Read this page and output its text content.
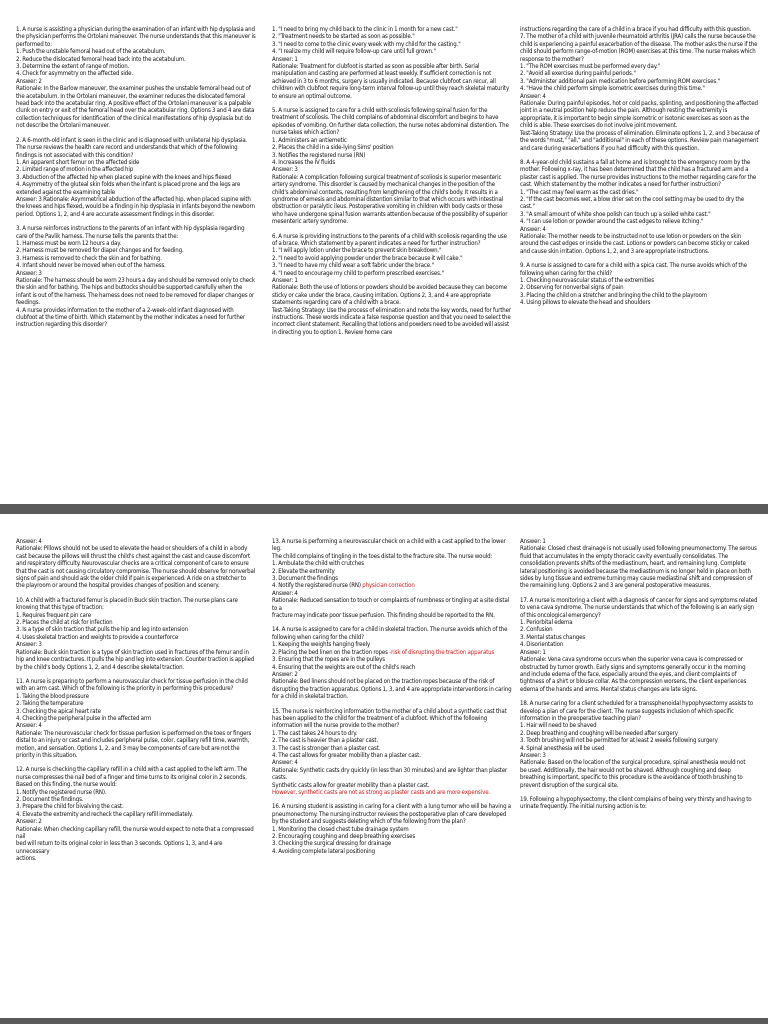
1. A nurse is assisting a physician during the examination of an infant with hip dysplasia and the physician performs the Ortolani maneuver. The nurse understands that this maneuver is performed to:
1. Push the unstable femoral head out of the acetabulum.
2. Reduce the dislocated femoral head back into the acetabulum.
3. Determine the extent of range of motion.
4. Check for asymmetry on the affected side.
Answer: 2
Rationale: In the Barlow maneuver, the examiner pushes the unstable femoral head out of the acetabulum. In the Ortolani maneuver, the examiner reduces the dislocated femoral head back into the acetabular ring. A positive effect of the Ortolani maneuver is a palpable clunk on entry or exit of the femoral head over the acetabular ring. Options 3 and 4 are data collection techniques for identification of the clinical manifestations of hip dysplasia but do not describe the Ortolani maneuver.

2. A 6-month-old infant is seen in the clinic and is diagnosed with unilateral hip dysplasia. The nurse reviews the health care record and understands that which of the following findings is not associated with this condition?
1. An apparent short femur on the affected side
2. Limited range of motion in the affected hip
3. Abduction of the affected hip when placed supine with the knees and hips flexed
4. Asymmetry of the gluteal skin folds when the infant is placed prone and the legs are extended against the examining table
Answer: 3 Rationale: Asymmetrical abduction of the affected hip, when placed supine with the knees and hips flexed, would be a finding in hip dysplasia in infants beyond the newborn period. Options 1, 2, and 4 are accurate assessment findings in this disorder.

3. A nurse reinforces instructions to the parents of an infant with hip dysplasia regarding care of the Pavlik harness. The nurse tells the parents that the:
1. Harness must be worn 12 hours a day.
2. Harness must be removed for diaper changes and for feeding.
3. Harness is removed to check the skin and for bathing.
4. Infant should never be moved when out of the harness.
Answer: 3
Rationale: The harness should be worn 23 hours a day and should be removed only to check the skin and for bathing. The hips and buttocks should be supported carefully when the infant is out of the harness. The harness does not need to be removed for diaper changes or feedings.
4. A nurse provides information to the mother of a 2-week-old infant diagnosed with clubfoot at the time of birth. Which statement by the mother indicates a need for further instruction regarding this disorder?

1. "I need to bring my child back to the clinic in 1 month for a new cast."
2. "Treatment needs to be started as soon as possible."
3. "I need to come to the clinic every week with my child for the casting."
4. "I realize my child will require follow-up care until full grown."
Answer: 1
Rationale: Treatment for clubfoot is started as soon as possible after birth. Serial manipulation and casting are performed at least weekly. If sufficient correction is not achieved in 3 to 6 months, surgery is usually indicated. Because clubfoot can recur, all children with clubfoot require long-term interval follow-up until they reach skeletal maturity to ensure an optimal outcome.

5. A nurse is assigned to care for a child with scoliosis following spinal fusion for the treatment of scoliosis. The child complains of abdominal discomfort and begins to have episodes of vomiting. On further data collection, the nurse notes abdominal distention. The nurse takes which action?
1. Administers an antiemetic
2. Places the child in a side-lying Sims' position
3. Notifies the registered nurse (RN)
4. Increases the IV fluids
Answer: 3
Rationale: A complication following surgical treatment of scoliosis is superior mesenteric artery syndrome. This disorder is caused by mechanical changes in the position of the child's abdominal contents, resulting from lengthening of the child's body. It results in a syndrome of emesis and abdominal distention similar to that which occurs with intestinal obstruction or paralytic ileus. Postoperative vomiting in children with body casts or those who have undergone spinal fusion warrants attention because of the possibility of superior mesenteric artery syndrome.

6. A nurse is providing instructions to the parents of a child with scoliosis regarding the use of a brace. Which statement by a parent indicates a need for further instruction?
1. "I will apply lotion under the brace to prevent skin breakdown."
2. "I need to avoid applying powder under the brace because it will cake."
3. "I need to have my child wear a soft fabric under the brace."
4. "I need to encourage my child to perform prescribed exercises."
Answer: 1
Rationale: Both the use of lotions or powders should be avoided because they can become sticky or cake under the brace, causing irritation. Options 2, 3, and 4 are appropriate statements regarding care of a child with a brace.
Test-Taking Strategy: Use the process of elimination and note the key words, need for further instructions. These words indicate a false response question and that you need to select the incorrect client statement. Recalling that lotions and powders need to be avoided will assist in directing you to option 1. Review home care

instructions regarding the care of a child in a brace if you had difficulty with this question.
7. The mother of a child with juvenile rheumatoid arthritis (JRA) calls the nurse because the child is experiencing a painful exacerbation of the disease. The mother asks the nurse if the child should perform range-of-motion (ROM) exercises at this time. The nurse makes which response to the mother?
1. "The ROM exercises must be performed every day."
2. "Avoid all exercise during painful periods."
3. "Administer additional pain medication before performing ROM exercises."
4. "Have the child perform simple isometric exercises during this time."
Answer: 4
Rationale: During painful episodes, hot or cold packs, splinting, and positioning the affected joint in a neutral position help reduce the pain. Although resting the extremity is appropriate, it is important to begin simple isometric or isotonic exercises as soon as the child is able. These exercises do not involve joint movement.
Test-Taking Strategy: Use the process of elimination. Eliminate options 1, 2, and 3 because of the words "must," "all," and "additional" in each of these options. Review pain management and care during exacerbations if you had difficulty with this question.

8. A 4-year-old child sustains a fall at home and is brought to the emergency room by the mother. Following x-ray, it has been determined that the child has a fractured arm and a plaster cast is applied. The nurse provides instructions to the mother regarding care for the cast. Which statement by the mother indicates a need for further instruction?
1. "The cast may feel warm as the cast dries."
2. "If the cast becomes wet, a blow drier set on the cool setting may be used to dry the cast."
3. "A small amount of white shoe polish can touch up a soiled white cast."
4. "I can use lotion or powder around the cast edges to relieve itching."
Answer: 4
Rationale: The mother needs to be instructed not to use lotion or powders on the skin around the cast edges or inside the cast. Lotions or powders can become sticky or caked and cause skin irritation. Options 1, 2, and 3 are appropriate instructions.

9. A nurse is assigned to care for a child with a spica cast. The nurse avoids which of the following when caring for the child?
1. Checking neurovascular status of the extremities
2. Observing for nonverbal signs of pain
3. Placing the child on a stretcher and bringing the child to the playroom
4. Using pillows to elevate the head and shoulders

Answer: 4
Rationale: Pillows should not be used to elevate the head or shoulders of a child in a body cast because the pillows will thrust the child's chest against the cast and cause discomfort and respiratory difficulty. Neurovascular checks are a critical component of care to ensure that the cast is not causing circulatory compromise. The nurse should observe for nonverbal signs of pain and should ask the older child if pain is experienced. A ride on a stretcher to the playroom or around the hospital provides changes of position and scenery.

10. A child with a fractured femur is placed in Buck skin traction. The nurse plans care knowing that this type of traction:
1. Requires frequent pin care
2. Places the child at risk for infection
3. Is a type of skin traction that pulls the hip and leg into extension
4. Uses skeletal traction and weights to provide a counterforce
Answer: 3
Rationale: Buck skin traction is a type of skin traction used in fractures of the femur and in hip and knee contractures. It pulls the hip and leg into extension. Counter traction is applied by the child's body. Options 1, 2, and 4 describe skeletal traction.

11. A nurse is preparing to perform a neurovascular check for tissue perfusion in the child with an arm cast. Which of the following is the priority in performing this procedure?
1. Taking the blood pressure
2. Taking the temperature
3. Checking the apical heart rate
4. Checking the peripheral pulse in the affected arm
Answer: 4
Rationale: The neurovascular check for tissue perfusion is performed on the toes or fingers distal to an injury or cast and includes peripheral pulse, color, capillary refill time, warmth, motion, and sensation. Options 1, 2, and 3 may be components of care but are not the priority in this situation.

12. A nurse is checking the capillary refill in a child with a cast applied to the left arm. The nurse compresses the nail bed of a finger and time turns to its original color in 2 seconds. Based on this finding, the nurse would:
1. Notify the registered nurse (RN).
2. Document the findings.
3. Prepare the child for bivalving the cast.
4. Elevate the extremity and recheck the capillary refill immediately.
Answer: 2
Rationale: When checking capillary refill, the nurse would expect to note that a compressed nail
bed will return to its original color in less than 3 seconds. Options 1, 3, and 4 are unnecessary
actions.

13. A nurse is performing a neurovascular check on a child with a cast applied to the lower leg.
The child complains of tingling in the toes distal to the fracture site. The nurse would:
1. Ambulate the child with crutches
2. Elevate the extremity
3. Document the findings
4. Notify the registered nurse (RN) physician correction

Answer: 4
Rationale: Reduced sensation to touch or complaints of numbness or tingling at a site distal to a
fracture may indicate poor tissue perfusion. This finding should be reported to the RN.

14. A nurse is assigned to care for a child in skeletal traction. The nurse avoids which of the following when caring for the child?
1. Keeping the weights hanging freely
2. Placing the bed linen on the traction ropes -risk of disrupting the traction apparatus

3. Ensuring that the ropes are in the pulleys
4. Ensuring that the weights are out of the child's reach
Answer: 2
Rationale: Bed linens should not be placed on the traction ropes because of the risk of disrupting the traction apparatus. Options 1, 3, and 4 are appropriate interventions in caring for a child in skeletal traction.

15. The nurse is reinforcing information to the mother of a child about a synthetic cast that has been applied to the child for the treatment of a clubfoot. Which of the following information will the nurse provide to the mother?
1. The cast takes 24 hours to dry.
2. The cast is heavier than a plaster cast.
3. The cast is stronger than a plaster cast.
4. The cast allows for greater mobility than a plaster cast.
Answer: 4
Rationale: Synthetic casts dry quickly (in less than 30 minutes) and are lighter than plaster casts.
Synthetic casts allow for greater mobility than a plaster cast.
However, synthetic casts are not as strong as plaster casts and are more expensive.

16. A nursing student is assisting in caring for a client with a lung tumor who will be having a pneumonectomy. The nursing instructor reviews the postoperative plan of care developed by the student and suggests deleting which of the following from the plan?
1. Monitoring the closed chest tube drainage system
2. Encouraging coughing and deep breathing exercises
3. Checking the surgical dressing for drainage
4. Avoiding complete lateral positioning

Answer: 1
Rationale: Closed chest drainage is not usually used following pneumonectomy. The serous fluid that accumulates in the empty thoracic cavity eventually consolidates. The consolidation prevents shifts of the mediastinum, heart, and remaining lung. Complete lateral positioning is avoided because the mediastinum is no longer held in place on both sides by lung tissue and extreme turning may cause mediastinal shift and compression of the remaining lung. Options 2 and 3 are general postoperative measures.

17. A nurse is monitoring a client with a diagnosis of cancer for signs and symptoms related to vena cava syndrome. The nurse understands that which of the following is an early sign of this oncological emergency?
1. Periorbital edema
2. Confusion
3. Mental status changes
4. Disorientation
Answer: 1
Rationale: Vena cava syndrome occurs when the superior vena cava is compressed or
obstructed by tumor growth. Early signs and symptoms generally occur in the morning
and include edema of the face, especially around the eyes, and client complaints of
tightness of a shirt or blouse collar. As the compression worsens, the client experiences
edema of the hands and arms. Mental status changes are late signs.

18. A nurse caring for a client scheduled for a transsphenoidal hypophysectomy assists to develop a plan of care for the client. The nurse suggests inclusion of which specific information in the preoperative teaching plan?
1. Hair will need to be shaved
2. Deep breathing and coughing will be needed after surgery
3. Tooth brushing will not be permitted for at least 2 weeks following surgery
4. Spinal anesthesia will be used
Answer: 3
Rationale: Based on the location of the surgical procedure, spinal anesthesia would not
be used. Additionally, the hair would not be shaved. Although coughing and deep
breathing is important, specific to this procedure is the avoidance of tooth brushing to
prevent disruption of the surgical site.

19. Following a hypophysectomy, the client complains of being very thirsty and having to urinate frequently. The initial nursing action is to:
